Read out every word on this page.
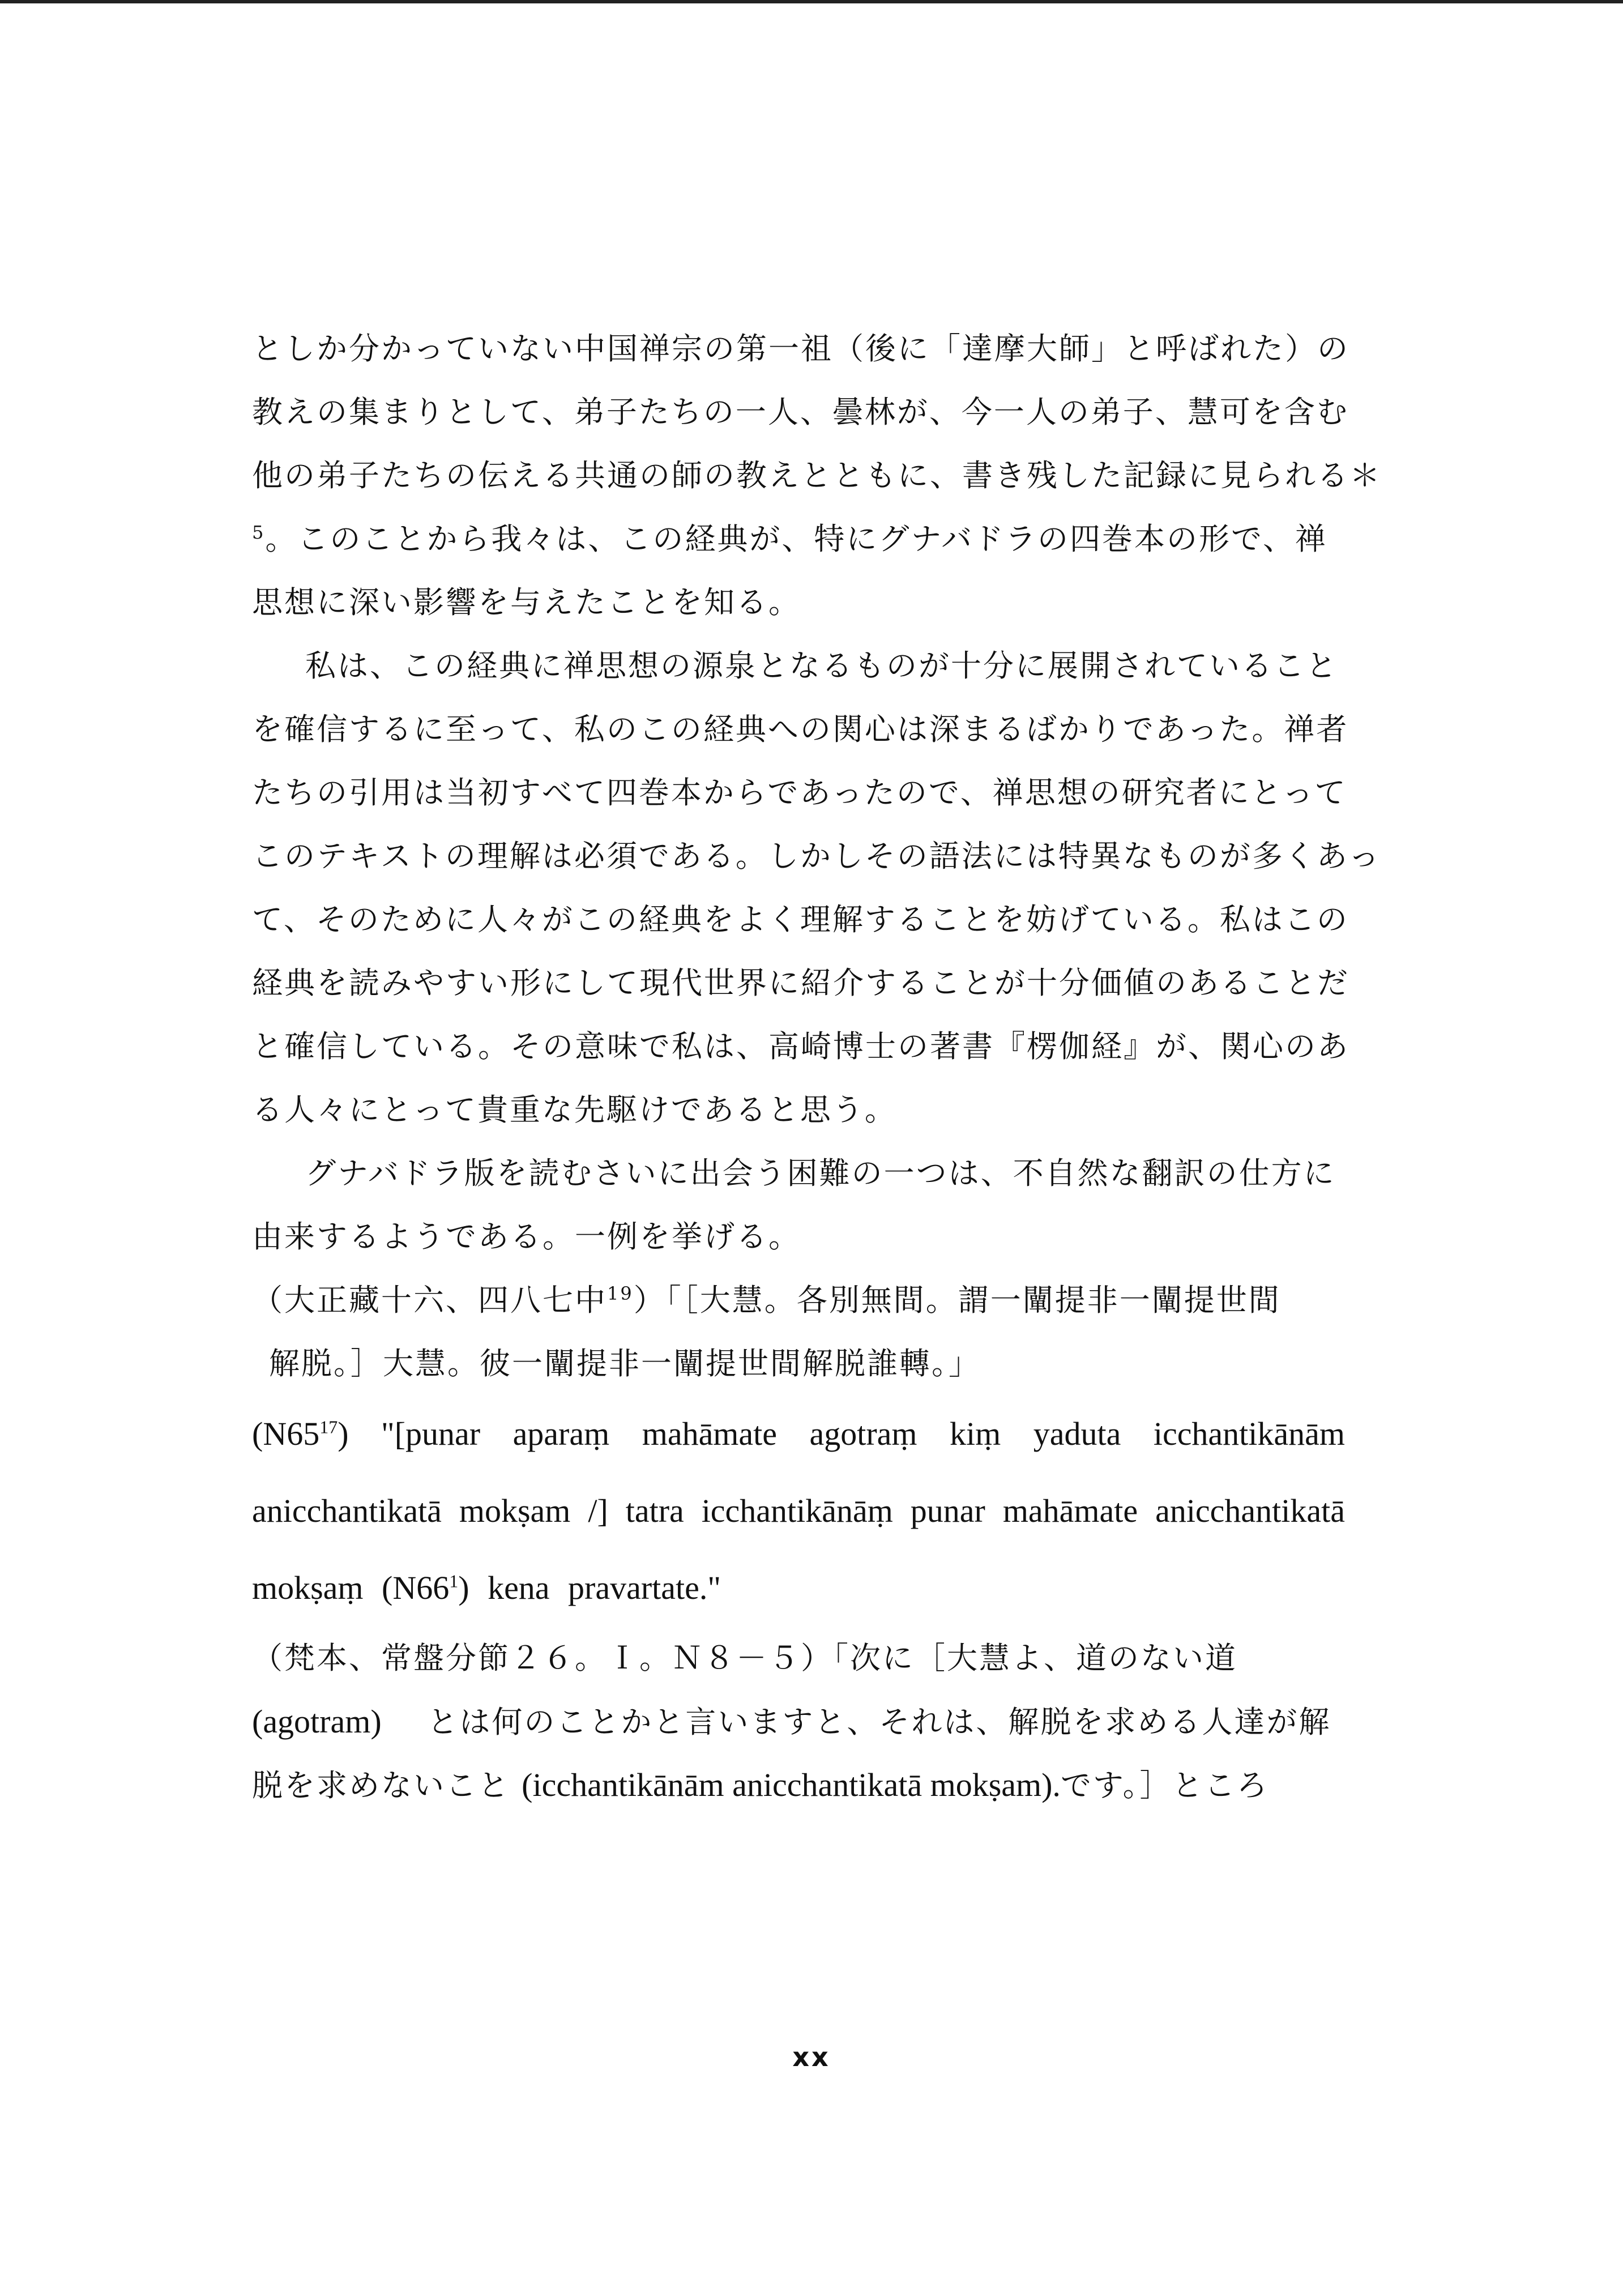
としか分かっていない中国禅宗の第一祖（後に「達摩大師」と呼ばれた）の
教えの集まりとして、弟子たちの一人、曇林が、今一人の弟子、慧可を含む
他の弟子たちの伝える共通の師の教えとともに、書き残した記録に見られる＊
$^5$。このことから我々は、この経典が、特にグナバドラの四巻本の形で、禅
思想に深い影響を与えたことを知る。
私は、この経典に禅思想の源泉となるものが十分に展開されていること
を確信するに至って、私のこの経典への関心は深まるばかりであった。禅者
たちの引用は当初すべて四巻本からであったので、禅思想の研究者にとって
このテキストの理解は必須である。しかしその語法には特異なものが多くあっ
て、そのために人々がこの経典をよく理解することを妨げている。私はこの
経典を読みやすい形にして現代世界に紹介することが十分価値のあることだ
と確信している。その意味で私は、高崎博士の著書『楞伽経』が、関心のあ
る人々にとって貴重な先駆けであると思う。
グナバドラ版を読むさいに出会う困難の一つは、不自然な翻訳の仕方に
由来するようである。一例を挙げる。
（大正藏十六、四八七中$^{19}$）「［大慧。各別無間。謂一闡提非一闡提世間
解脱。］大慧。彼一闡提非一闡提世間解脱誰轉。」
$(N65^{17})$ "[punar aparaṃ mahāmate agotraṃ kiṃ yaduta icchantikānām
anicchantikatā mokṣam /] tatra icchantikānāṃ punar mahāmate anicchantikatā
mokṣaṃ $(N66^1)$ kena pravartate."
（梵本、常盤分節２６。Ｉ。Ｎ８－５）「次に［大慧よ、道のない道
(agotram) とは何のことかと言いますと、それは、解脱を求める人達が解
脱を求めないこと (icchantikānām anicchantikatā mokṣam).です。］ところ
xx
